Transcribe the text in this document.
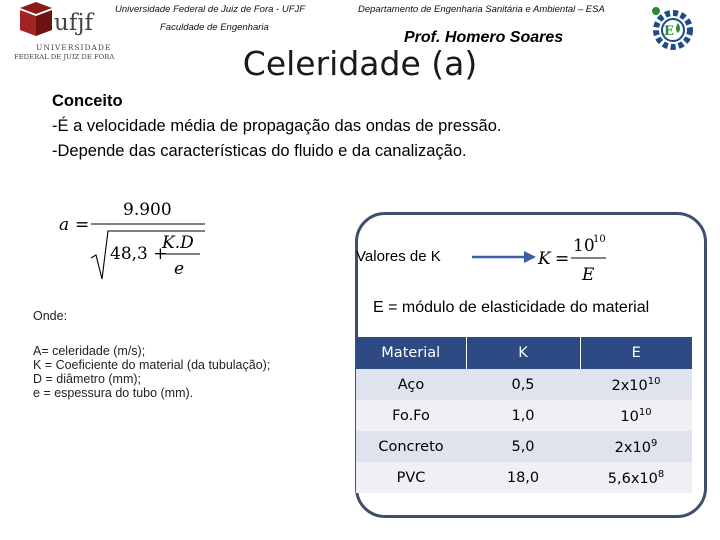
ufjf
UNIVERSIDADE
FEDERAL DE JUIZ DE FORA
Universidade Federal de Juiz de Fora - UFJF
Faculdade de Engenharia
Departamento de Engenharia Sanitária e Ambiental – ESA
E
Prof. Homero Soares
Celeridade (a)
Conceito
-É a velocidade média de propagação das ondas de pressão.
-Depende das características do fluido e da canalização.
a =
9.900
48,3 +
K.D
e
Valores de K	K =
10
10
E
E = módulo de elasticidade do material
Onde:
A= celeridade (m/s);
K = Coeficiente do material (da tubulação);
D = diâmetro (mm);
e = espessura do tubo (mm).
Material	K	E
Aço	0,5	$2x10^{10}$
Fo.Fo	1,0	$10^{10}$
Concreto	5,0	$2x10^9$
PVC	18,0	$5,6x10^8$
